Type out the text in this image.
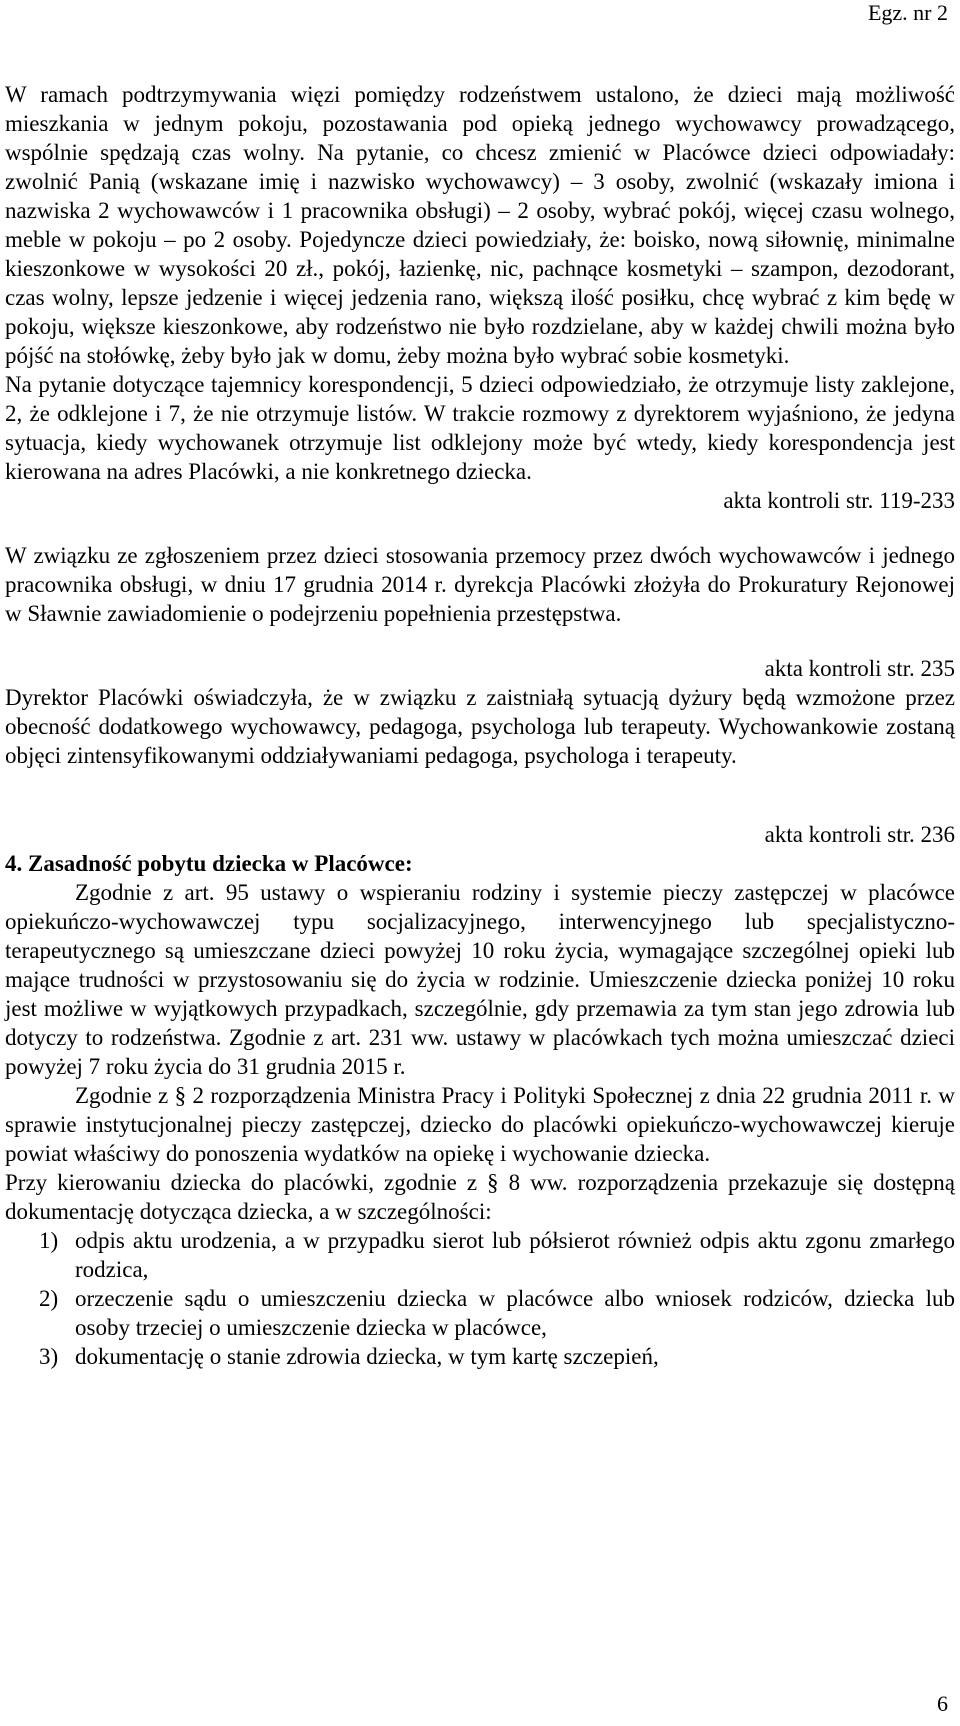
Egz. nr 2

W ramach podtrzymywania więzi pomiędzy rodzeństwem ustalono, że dzieci mają możliwość mieszkania w jednym pokoju, pozostawania pod opieką jednego wychowawcy prowadzącego, wspólnie spędzają czas wolny. Na pytanie, co chcesz zmienić w Placówce dzieci odpowiadały: zwolnić Panią (wskazane imię i nazwisko wychowawcy) – 3 osoby, zwolnić (wskazały imiona i nazwiska 2 wychowawców i 1 pracownika obsługi) – 2 osoby, wybrać pokój, więcej czasu wolnego, meble w pokoju – po 2 osoby. Pojedyncze dzieci powiedziały, że: boisko, nową siłownię, minimalne kieszonkowe w wysokości 20 zł., pokój, łazienkę, nic, pachnące kosmetyki – szampon, dezodorant, czas wolny, lepsze jedzenie i więcej jedzenia rano, większą ilość posiłku, chcę wybrać z kim będę w pokoju, większe kieszonkowe, aby rodzeństwo nie było rozdzielane, aby w każdej chwili można było pójść na stołówkę, żeby było jak w domu, żeby można było wybrać sobie kosmetyki.

Na pytanie dotyczące tajemnicy korespondencji, 5 dzieci odpowiedziało, że otrzymuje listy zaklejone, 2, że odklejone i 7, że nie otrzymuje listów. W trakcie rozmowy z dyrektorem wyjaśniono, że jedyna sytuacja, kiedy wychowanek otrzymuje list odklejony może być wtedy, kiedy korespondencja jest kierowana na adres Placówki, a nie konkretnego dziecka.

akta kontroli str. 119-233

W związku ze zgłoszeniem przez dzieci stosowania przemocy przez dwóch wychowawców i jednego pracownika obsługi, w dniu 17 grudnia 2014 r. dyrekcja Placówki złożyła do Prokuratury Rejonowej w Sławnie zawiadomienie o podejrzeniu popełnienia przestępstwa.

akta kontroli str. 235

Dyrektor Placówki oświadczyła, że w związku z zaistniałą sytuacją dyżury będą wzmożone przez obecność dodatkowego wychowawcy, pedagoga, psychologa lub terapeuty. Wychowankowie zostaną objęci zintensyfikowanymi oddziaływaniami pedagoga, psychologa i terapeuty.

akta kontroli str. 236

4. Zasadność pobytu dziecka w Placówce:

Zgodnie z art. 95 ustawy o wspieraniu rodziny i systemie pieczy zastępczej w placówce opiekuńczo-wychowawczej typu socjalizacyjnego, interwencyjnego lub specjalistyczno-terapeutycznego są umieszczane dzieci powyżej 10 roku życia, wymagające szczególnej opieki lub mające trudności w przystosowaniu się do życia w rodzinie. Umieszczenie dziecka poniżej 10 roku jest możliwe w wyjątkowych przypadkach, szczególnie, gdy przemawia za tym stan jego zdrowia lub dotyczy to rodzeństwa. Zgodnie z art. 231 ww. ustawy w placówkach tych można umieszczać dzieci powyżej 7 roku życia do 31 grudnia 2015 r.

Zgodnie z § 2 rozporządzenia Ministra Pracy i Polityki Społecznej z dnia 22 grudnia 2011 r. w sprawie instytucjonalnej pieczy zastępczej, dziecko do placówki opiekuńczo-wychowawczej kieruje powiat właściwy do ponoszenia wydatków na opiekę i wychowanie dziecka.

Przy kierowaniu dziecka do placówki, zgodnie z § 8 ww. rozporządzenia przekazuje się dostępną dokumentację dotycząca dziecka, a w szczególności:

1) odpis aktu urodzenia, a w przypadku sierot lub półsierot również odpis aktu zgonu zmarłego rodzica,
2) orzeczenie sądu o umieszczeniu dziecka w placówce albo wniosek rodziców, dziecka lub osoby trzeciej o umieszczenie dziecka w placówce,
3) dokumentację o stanie zdrowia dziecka, w tym kartę szczepień,
6
